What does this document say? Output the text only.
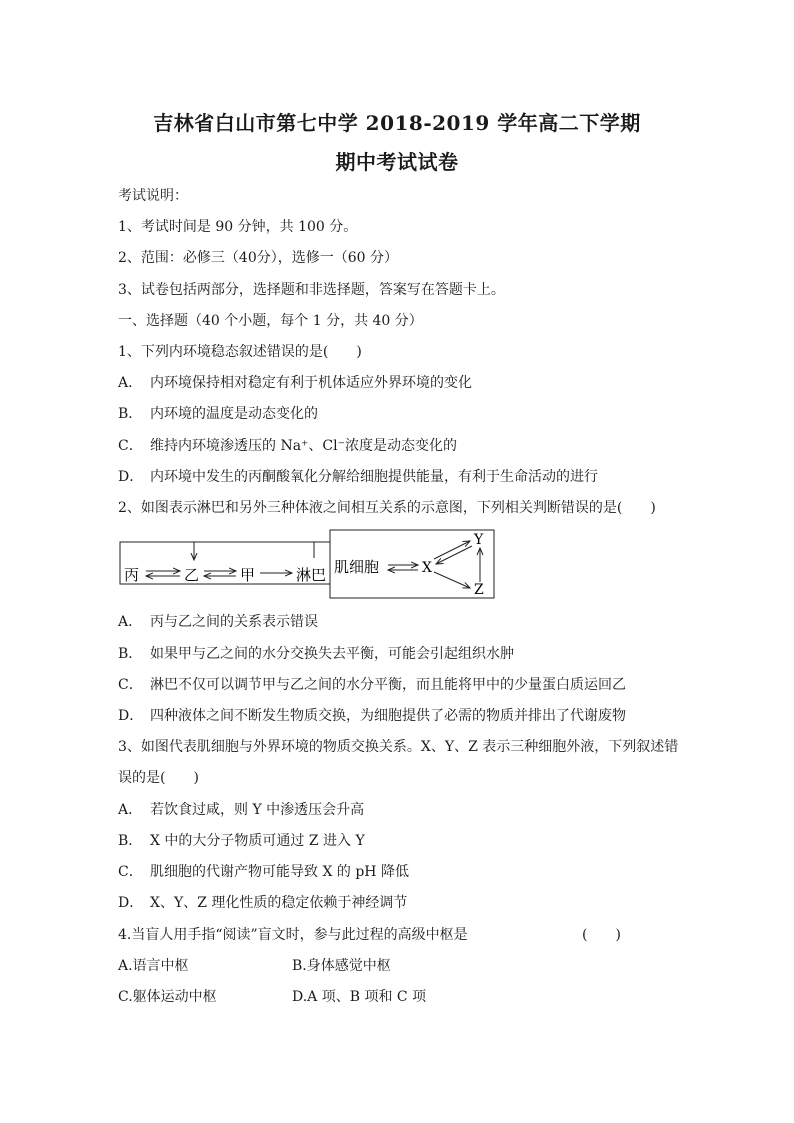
吉林省白山市第七中学 2018-2019 学年高二下学期
期中考试试卷
考试说明：
1、考试时间是 90 分钟，共 100 分。
2、范围：必修三（40分），选修一（60 分）
3、试卷包括两部分，选择题和非选择题，答案写在答题卡上。
一、选择题（40 个小题，每个 1 分，共 40 分）
1、下列内环境稳态叙述错误的是(　　)
A． 内环境保持相对稳定有利于机体适应外界环境的变化
B． 内环境的温度是动态变化的
C． 维持内环境渗透压的 Na⁺、Cl⁻浓度是动态变化的
D． 内环境中发生的丙酮酸氧化分解给细胞提供能量，有利于生命活动的进行
2、如图表示淋巴和另外三种体液之间相互关系的示意图，下列相关判断错误的是(　　)
丙	乙	甲	淋巴 肌细胞	X
Y
Z
A． 丙与乙之间的关系表示错误
B． 如果甲与乙之间的水分交换失去平衡，可能会引起组织水肿
C． 淋巴不仅可以调节甲与乙之间的水分平衡，而且能将甲中的少量蛋白质运回乙
D． 四种液体之间不断发生物质交换，为细胞提供了必需的物质并排出了代谢废物
3、如图代表肌细胞与外界环境的物质交换关系。X、Y、Z 表示三种细胞外液，下列叙述错
误的是(　　)
A． 若饮食过咸，则 Y 中渗透压会升高
B． X 中的大分子物质可通过 Z 进入 Y
C． 肌细胞的代谢产物可能导致 X 的 pH 降低
D． X、Y、Z 理化性质的稳定依赖于神经调节
4.当盲人用手指“阅读”盲文时，参与此过程的高级中枢是	(　　)
A.语言中枢	B.身体感觉中枢
C.躯体运动中枢	D.A 项、B 项和 C 项
